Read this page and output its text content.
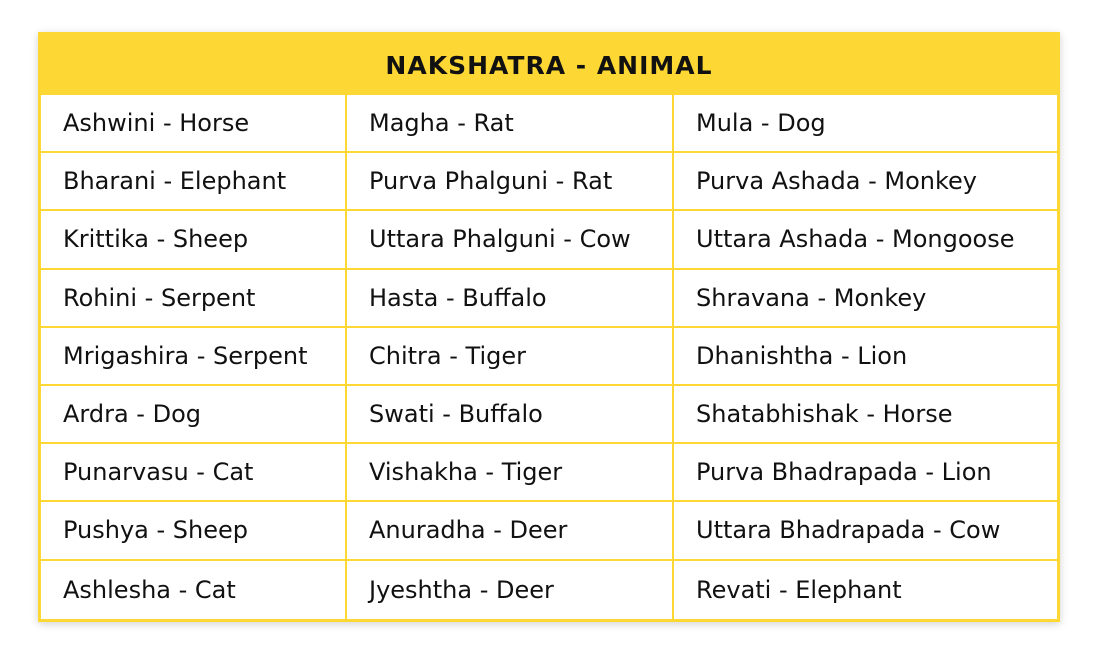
NAKSHATRA - ANIMAL
Ashwini - Horse	Magha - Rat	Mula - Dog
Bharani - Elephant	Purva Phalguni - Rat	Purva Ashada - Monkey
Krittika - Sheep	Uttara Phalguni - Cow	Uttara Ashada - Mongoose
Rohini - Serpent	Hasta - Buffalo	Shravana - Monkey
Mrigashira - Serpent	Chitra - Tiger	Dhanishtha - Lion
Ardra - Dog	Swati - Buffalo	Shatabhishak - Horse
Punarvasu - Cat	Vishakha - Tiger	Purva Bhadrapada - Lion
Pushya - Sheep	Anuradha - Deer	Uttara Bhadrapada - Cow
Ashlesha - Cat	Jyeshtha - Deer	Revati - Elephant
